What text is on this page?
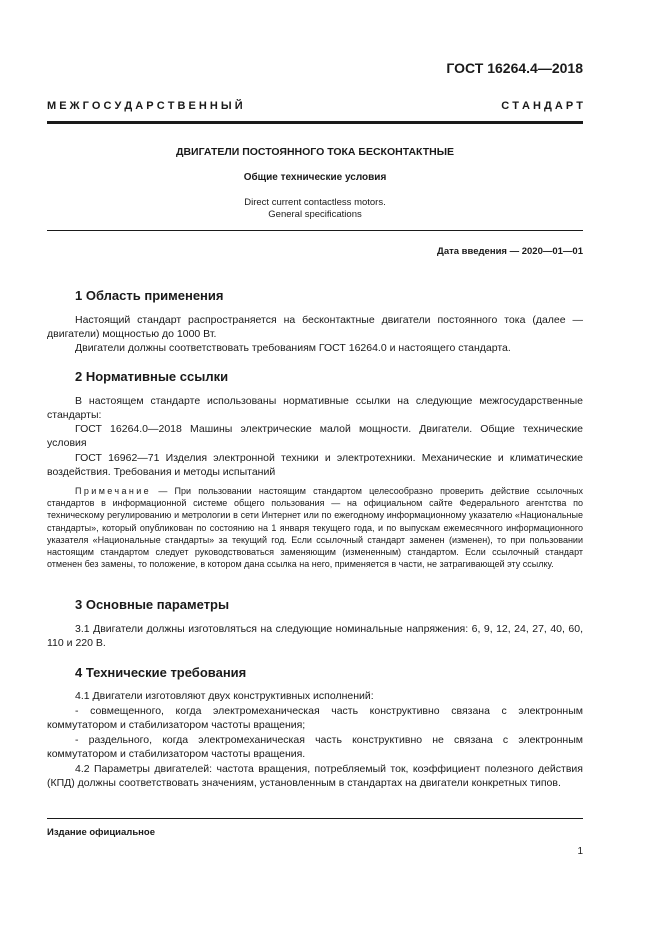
ГОСТ 16264.4—2018
М Е Ж Г О С У Д А Р С Т В Е Н Н Ы Й	С Т А Н Д А Р Т
ДВИГАТЕЛИ ПОСТОЯННОГО ТОКА БЕСКОНТАКТНЫЕ
Общие технические условия
Direct current contactless motors.
General specifications
Дата введения — 2020—01—01
1 Область применения

Настоящий стандарт распространяется на бесконтактные двигатели постоянного тока (далее — двигатели) мощностью до 1000 Вт.

Двигатели должны соответствовать требованиям ГОСТ 16264.0 и настоящего стандарта.

2 Нормативные ссылки

В настоящем стандарте использованы нормативные ссылки на следующие межгосударственные стандарты:

ГОСТ 16264.0—2018 Машины электрические малой мощности. Двигатели. Общие технические условия

ГОСТ 16962—71 Изделия электронной техники и электротехники. Механические и климатические воздействия. Требования и методы испытаний

Примечание — При пользовании настоящим стандартом целесообразно проверить действие ссылочных стандартов в информационной системе общего пользования — на официальном сайте Федерального агентства по техническому регулированию и метрологии в сети Интернет или по ежегодному информационному указателю «Национальные стандарты», который опубликован по состоянию на 1 января текущего года, и по выпускам ежемесячного информационного указателя «Национальные стандарты» за текущий год. Если ссылочный стандарт заменен (изменен), то при пользовании настоящим стандартом следует руководствоваться заменяющим (измененным) стандартом. Если ссылочный стандарт отменен без замены, то положение, в котором дана ссылка на него, применяется в части, не затрагивающей эту ссылку.

3 Основные параметры

3.1 Двигатели должны изготовляться на следующие номинальные напряжения: 6, 9, 12, 24, 27, 40, 60, 110 и 220 В.

4 Технические требования

4.1 Двигатели изготовляют двух конструктивных исполнений:

- совмещенного, когда электромеханическая часть конструктивно связана с электронным коммутатором и стабилизатором частоты вращения;

- раздельного, когда электромеханическая часть конструктивно не связана с электронным коммутатором и стабилизатором частоты вращения.

4.2 Параметры двигателей: частота вращения, потребляемый ток, коэффициент полезного действия (КПД) должны соответствовать значениям, установленным в стандартах на двигатели конкретных типов.

Издание официальное
1
